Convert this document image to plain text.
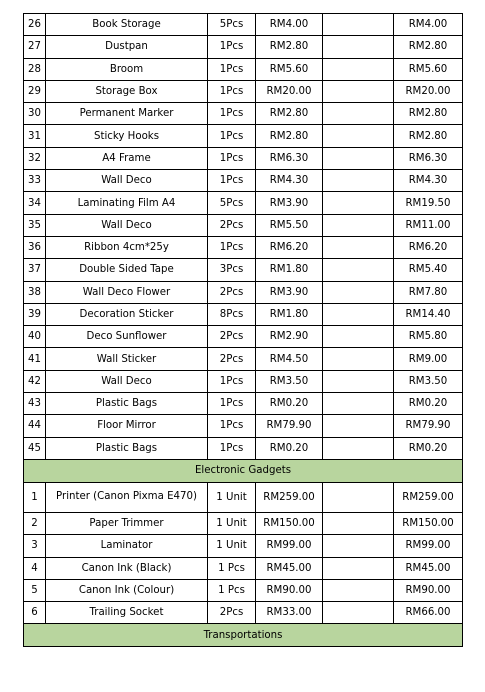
26	Book Storage	5Pcs	RM4.00		RM4.00
27	Dustpan	1Pcs	RM2.80		RM2.80
28	Broom	1Pcs	RM5.60		RM5.60
29	Storage Box	1Pcs	RM20.00		RM20.00
30	Permanent Marker	1Pcs	RM2.80		RM2.80
31	Sticky Hooks	1Pcs	RM2.80		RM2.80
32	A4 Frame	1Pcs	RM6.30		RM6.30
33	Wall Deco	1Pcs	RM4.30		RM4.30
34	Laminating Film A4	5Pcs	RM3.90		RM19.50
35	Wall Deco	2Pcs	RM5.50		RM11.00
36	Ribbon 4cm*25y	1Pcs	RM6.20		RM6.20
37	Double Sided Tape	3Pcs	RM1.80		RM5.40
38	Wall Deco Flower	2Pcs	RM3.90		RM7.80
39	Decoration Sticker	8Pcs	RM1.80		RM14.40
40	Deco Sunflower	2Pcs	RM2.90		RM5.80
41	Wall Sticker	2Pcs	RM4.50		RM9.00
42	Wall Deco	1Pcs	RM3.50		RM3.50
43	Plastic Bags	1Pcs	RM0.20		RM0.20
44	Floor Mirror	1Pcs	RM79.90		RM79.90
45	Plastic Bags	1Pcs	RM0.20		RM0.20
Electronic Gadgets					
1	Printer (Canon Pixma E470)	1 Unit	RM259.00		RM259.00
2	Paper Trimmer	1 Unit	RM150.00		RM150.00
3	Laminator	1 Unit	RM99.00		RM99.00
4	Canon Ink (Black)	1 Pcs	RM45.00		RM45.00
5	Canon Ink (Colour)	1 Pcs	RM90.00		RM90.00
6	Trailing Socket	2Pcs	RM33.00		RM66.00
Transportations					
